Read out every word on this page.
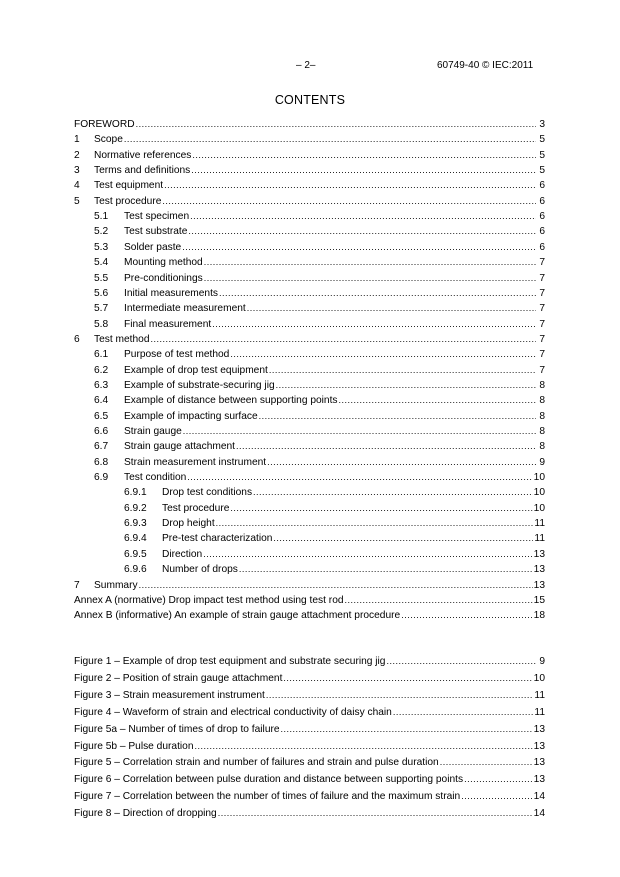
– 2–	60749-40 © IEC:2011
CONTENTS
FOREWORD .....	3
1	Scope .....	5
2	Normative references .....	5
3	Terms and definitions .....	5
4	Test equipment .....	6
5	Test procedure .....	6
5.1	Test specimen .....	6
5.2	Test substrate .....	6
5.3	Solder paste .....	6
5.4	Mounting method .....	7
5.5	Pre-conditionings .....	7
5.6	Initial measurements .....	7
5.7	Intermediate measurement .....	7
5.8	Final measurement .....	7
6	Test method .....	7
6.1	Purpose of test method .....	7
6.2	Example of drop test equipment .....	7
6.3	Example of substrate-securing jig .....	8
6.4	Example of distance between supporting points .....	8
6.5	Example of impacting surface .....	8
6.6	Strain gauge .....	8
6.7	Strain gauge attachment .....	8
6.8	Strain measurement instrument .....	9
6.9	Test condition .....	10
6.9.1	Drop test conditions .....	10
6.9.2	Test procedure .....	10
6.9.3	Drop height .....	11
6.9.4	Pre-test characterization .....	11
6.9.5	Direction .....	13
6.9.6	Number of drops .....	13
7	Summary .....	13
Annex A (normative) Drop impact test method using test rod .....	15
Annex B (informative) An example of strain gauge attachment procedure .....	18
Figure 1 – Example of drop test equipment and substrate securing jig .....	9
Figure 2 – Position of strain gauge attachment .....	10
Figure 3 – Strain measurement instrument .....	11
Figure 4 – Waveform of strain and electrical conductivity of daisy chain .....	11
Figure 5a – Number of times of drop to failure .....	13
Figure 5b – Pulse duration .....	13
Figure 5 – Correlation strain and number of failures and strain and pulse duration .....	13
Figure 6 – Correlation between pulse duration and distance between supporting points .....	13
Figure 7 – Correlation between the number of times of failure and the maximum strain .....	14
Figure 8 – Direction of dropping .....	14
